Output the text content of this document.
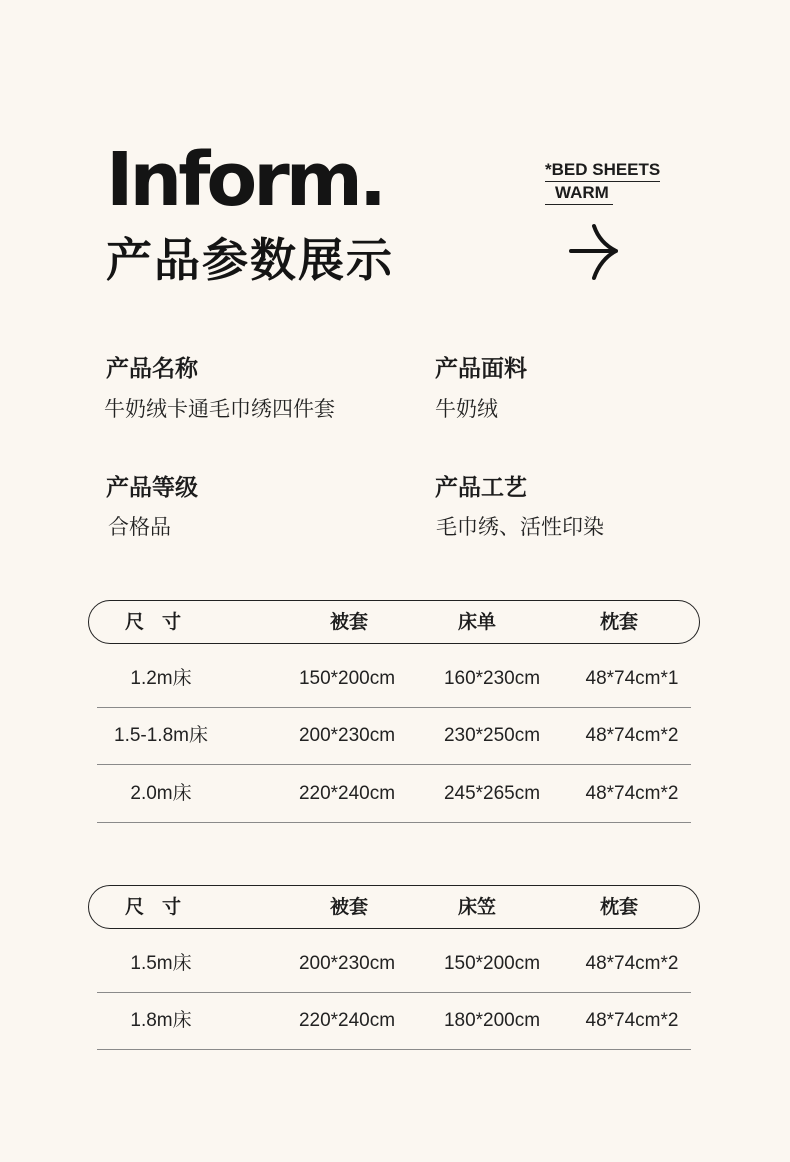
Inform.
产品参数展示
*BED SHEETS
WARM
产品名称
牛奶绒卡通毛巾绣四件套
产品面料
牛奶绒
产品等级
合格品
产品工艺
毛巾绣、活性印染
尺寸	被套	床单	枕套
1.2m床	150*200cm	160*230cm	48*74cm*1
1.5-1.8m床	200*230cm	230*250cm	48*74cm*2
2.0m床	220*240cm	245*265cm	48*74cm*2
尺寸	被套	床笠	枕套
1.5m床	200*230cm	150*200cm	48*74cm*2
1.8m床	220*240cm	180*200cm	48*74cm*2
